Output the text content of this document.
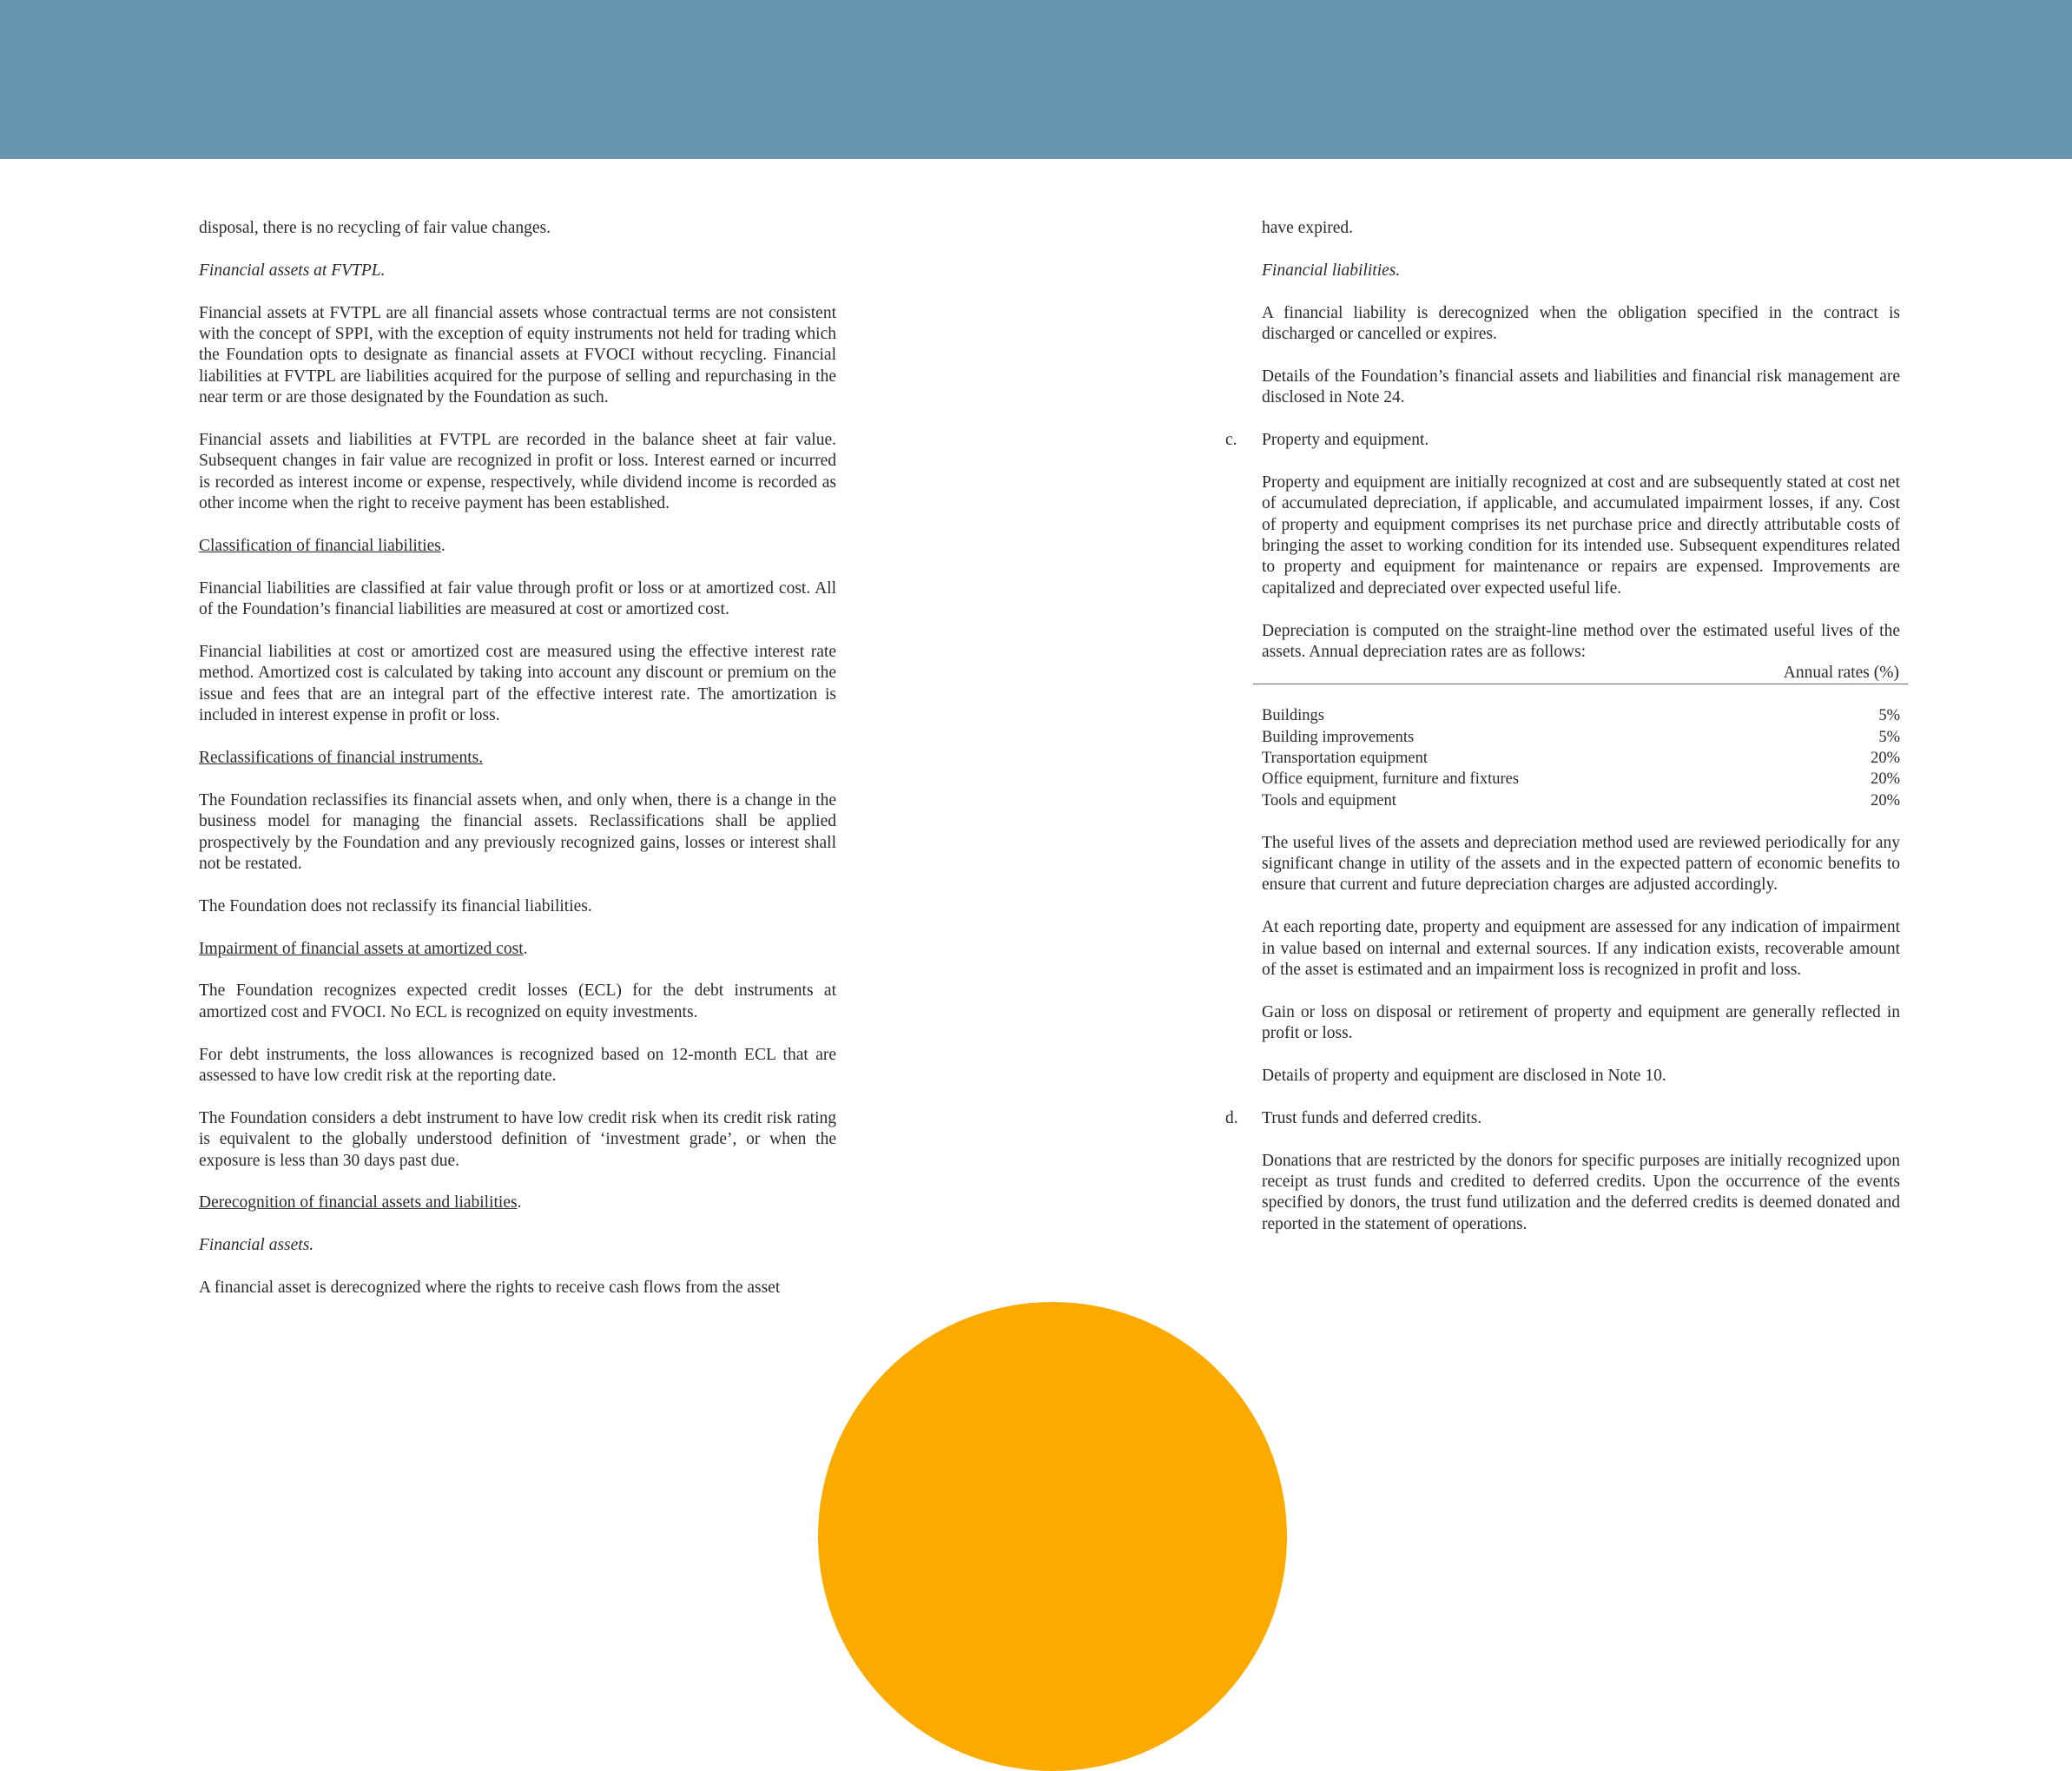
disposal, there is no recycling of fair value changes.

Financial assets at FVTPL.

Financial assets at FVTPL are all financial assets whose contractual terms are not consistent with the concept of SPPI, with the exception of equity instruments not held for trading which the Foundation opts to designate as financial assets at FVOCI without recycling. Financial liabilities at FVTPL are liabilities acquired for the purpose of selling and repurchasing in the near term or are those designated by the Foundation as such.

Financial assets and liabilities at FVTPL are recorded in the balance sheet at fair value. Subsequent changes in fair value are recognized in profit or loss. Interest earned or incurred is recorded as interest income or expense, respectively, while dividend income is recorded as other income when the right to receive payment has been established.

Classification of financial liabilities.

Financial liabilities are classified at fair value through profit or loss or at amortized cost. All of the Foundation’s financial liabilities are measured at cost or amortized cost.

Financial liabilities at cost or amortized cost are measured using the effective interest rate method. Amortized cost is calculated by taking into account any discount or premium on the issue and fees that are an integral part of the effective interest rate. The amortization is included in interest expense in profit or loss.

Reclassifications of financial instruments.

The Foundation reclassifies its financial assets when, and only when, there is a change in the business model for managing the financial assets. Reclassifications shall be applied prospectively by the Foundation and any previously recognized gains, losses or interest shall not be restated.

The Foundation does not reclassify its financial liabilities.

Impairment of financial assets at amortized cost.

The Foundation recognizes expected credit losses (ECL) for the debt instruments at amortized cost and FVOCI. No ECL is recognized on equity investments.

For debt instruments, the loss allowances is recognized based on 12-month ECL that are assessed to have low credit risk at the reporting date.

The Foundation considers a debt instrument to have low credit risk when its credit risk rating is equivalent to the globally understood definition of ‘investment grade’, or when the exposure is less than 30 days past due.

Derecognition of financial assets and liabilities.

Financial assets.

A financial asset is derecognized where the rights to receive cash flows from the asset

have expired.

Financial liabilities.

A financial liability is derecognized when the obligation specified in the contract is discharged or cancelled or expires.

Details of the Foundation’s financial assets and liabilities and financial risk management are disclosed in Note 24.

c. Property and equipment.

Property and equipment are initially recognized at cost and are subsequently stated at cost net of accumulated depreciation, if applicable, and accumulated impairment losses, if any. Cost of property and equipment comprises its net purchase price and directly attributable costs of bringing the asset to working condition for its intended use. Subsequent expenditures related to property and equipment for maintenance or repairs are expensed. Improvements are capitalized and depreciated over expected useful life.

Depreciation is computed on the straight-line method over the estimated useful lives of the assets. Annual depreciation rates are as follows:

Annual rates (%)
Buildings	5%
Building improvements	5%
Transportation equipment	20%
Office equipment, furniture and fixtures	20%
Tools and equipment	20%

The useful lives of the assets and depreciation method used are reviewed periodically for any significant change in utility of the assets and in the expected pattern of economic benefits to ensure that current and future depreciation charges are adjusted accordingly.

At each reporting date, property and equipment are assessed for any indication of impairment in value based on internal and external sources. If any indication exists, recoverable amount of the asset is estimated and an impairment loss is recognized in profit and loss.

Gain or loss on disposal or retirement of property and equipment are generally reflected in profit or loss.

Details of property and equipment are disclosed in Note 10.

d. Trust funds and deferred credits.

Donations that are restricted by the donors for specific purposes are initially recognized upon receipt as trust funds and credited to deferred credits. Upon the occurrence of the events specified by donors, the trust fund utilization and the deferred credits is deemed donated and reported in the statement of operations.
